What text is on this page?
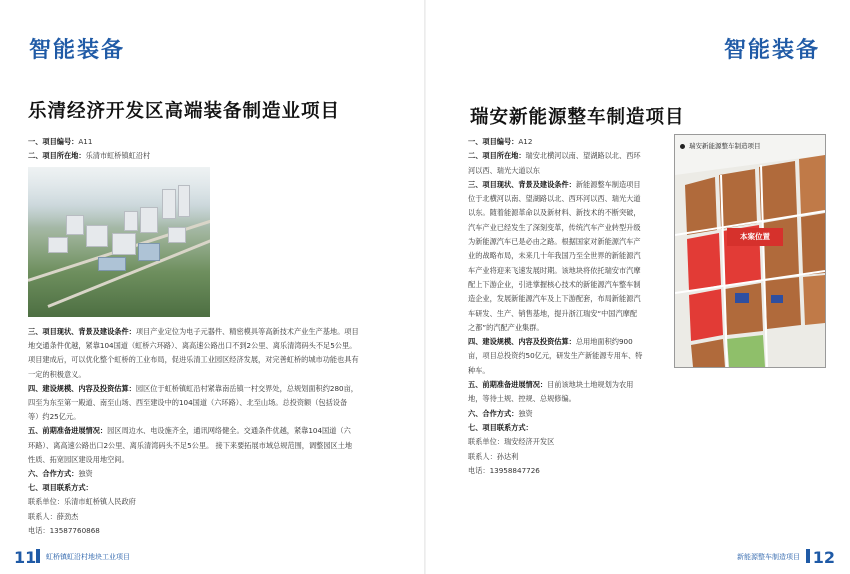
智能装备
乐清经济开发区高端装备制造业项目
一、项目编号：A11
二、项目所在地：乐清市虹桥镇虹沿村
三、项目现状、背景及建设条件：项目产业定位为电子元器件、精密模具等高新技术产业生产基地。项目
地交通条件优越，紧靠104国道（虹桥六环路）、离高速公路出口不到2公里、离乐清湾码头不足5公里。
项目建成后，可以优化整个虹桥的工业布局，促进乐清工业园区经济发展，对完善虹桥的城市功能也具有
一定的积极意义。
四、建设规模、内容及投资估算：园区位于虹桥镇虹沿村紧靠南岳镇一村交界处，总规划面积约280亩，
四至为东至第一殿道、南至山场、西至建设中的104国道（六环路）、北至山场。总投资额（包括设备
等）约25亿元。
五、前期准备进展情况：园区周边水、电设施齐全，通讯网络健全。交通条件优越，紧靠104国道（六
环路）、离高速公路出口2公里、离乐清湾码头不足5公里。 接下来要拓展市域总规范围，调整园区土地
性质、拓宽园区建设用地空间。
六、合作方式：独资
七、项目联系方式：
联系单位：乐清市虹桥镇人民政府
联系人：薛劲杰
电话：13587760868
11 虹桥镇虹沿村地块工业项目
智能装备
瑞安新能源整车制造项目
一、项目编号：A12
二、项目所在地：瑞安北横河以南、望湖路以北、西环
河以西、瑞光大道以东
三、项目现状、背景及建设条件：新能源整车制造项目
位于北横河以南、望湖路以北、西环河以西、瑞光大道
以东。随着能源革命以及新材料、新技术的不断突破，
汽车产业已经发生了深刻变革，传统汽车产业转型升级
为新能源汽车已是必由之路。根据国家对新能源汽车产
业的战略布局，未来几十年我国乃至全世界的新能源汽
车产业将迎来飞速发展时期。该地块将依托瑞安市汽摩
配上下游企业，引进掌握核心技术的新能源汽车整车制
造企业，发展新能源汽车及上下游配套，布局新能源汽
车研发、生产、销售基地，提升浙江瑞安“中国汽摩配
之都”的汽配产业集群。
四、建设规模、内容及投资估算：总用地面积约900
亩，项目总投资约50亿元，研发生产新能源专用车、特
种车。
五、前期准备进展情况：目前该地块土地规划为农用
地，等待土规、控规、总规修编。
六、合作方式：独资
七、项目联系方式：
联系单位：瑞安经济开发区
联系人：孙达利
电话：13958847726
瑞安新能源整车制造项目
本案位置
新能源整车制造项目 12
